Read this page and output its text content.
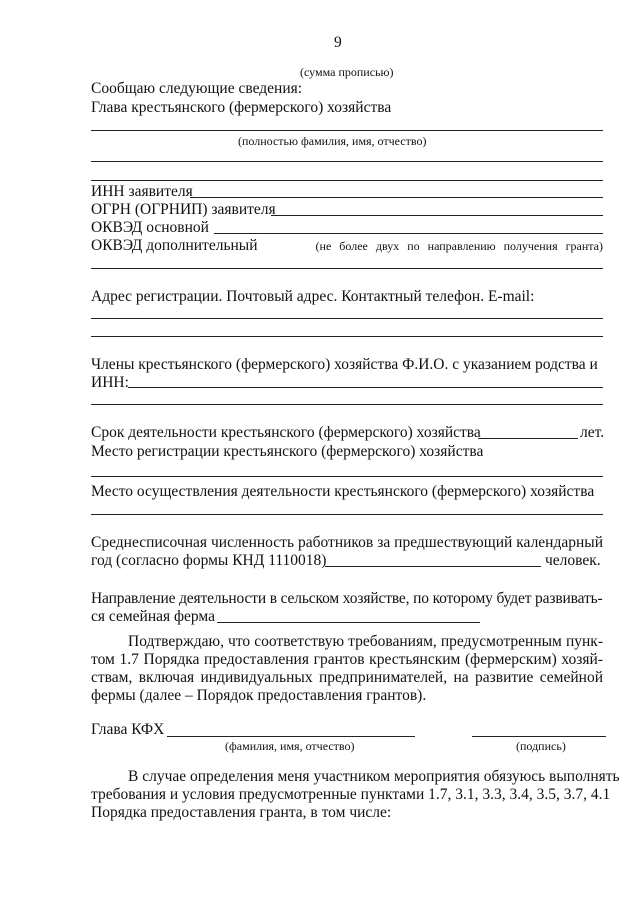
9
(сумма прописью)
Сообщаю следующие сведения:
Глава крестьянского (фермерского) хозяйства
(полностью фамилия, имя, отчество)
ИНН заявителя
ОГРН (ОГРНИП) заявителя
ОКВЭД основной
ОКВЭД дополнительный	(не более двух по направлению получения гранта)
Адрес регистрации. Почтовый адрес. Контактный телефон. E-mail:
Члены крестьянского (фермерского) хозяйства Ф.И.О. с указанием родства и
ИНН:
Срок деятельности крестьянского (фермерского) хозяйства	лет.
Место регистрации крестьянского (фермерского) хозяйства
Место осуществления деятельности крестьянского (фермерского) хозяйства
Среднесписочная численность работников за предшествующий календарный
год (согласно формы КНД 1110018)	человек.
Направление деятельности в сельском хозяйстве, по которому будет развивать-
ся семейная ферма
Подтверждаю, что соответствую требованиям, предусмотренным пунк-
том 1.7 Порядка предоставления грантов крестьянским (фермерским) хозяй-
ствам, включая индивидуальных предпринимателей, на развитие семейной
фермы (далее – Порядок предоставления грантов).
Глава КФХ
(фамилия, имя, отчество)	(подпись)
В случае определения меня участником мероприятия обязуюсь выполнять
требования и условия предусмотренные пунктами 1.7, 3.1, 3.3, 3.4, 3.5, 3.7, 4.1
Порядка предоставления гранта, в том числе:
